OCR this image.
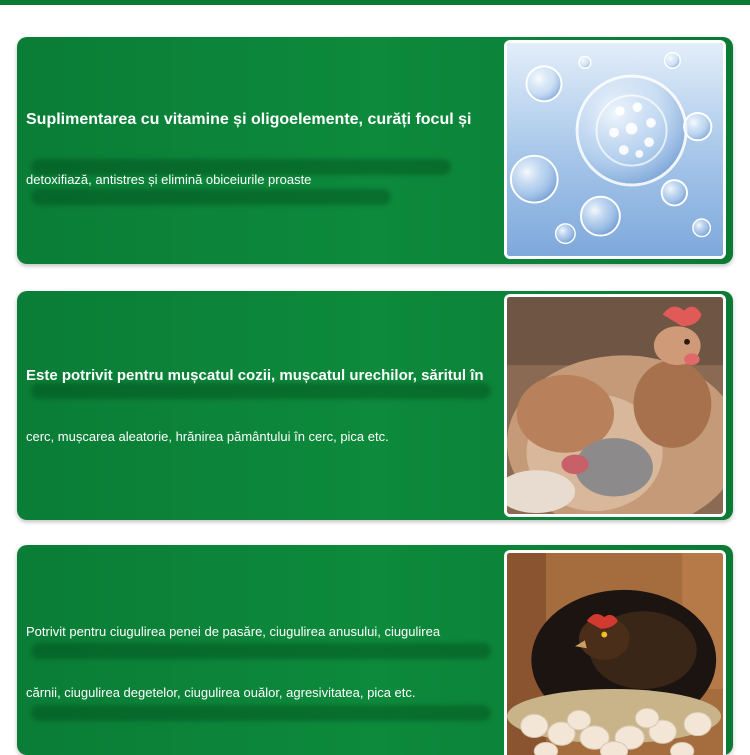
Suplimentarea cu vitamine și oligoelemente, curăți focul și
detoxifiază, antistres și elimină obiceiurile proaste
Este potrivit pentru mușcatul cozii, mușcatul urechilor, săritul în
cerc, mușcarea aleatorie, hrănirea pământului în cerc, pica etc.
Potrivit pentru ciugulirea penei de pasăre, ciugulirea anusului, ciugulirea
cărnii, ciugulirea degetelor, ciugulirea ouălor, agresivitatea, pica etc.
